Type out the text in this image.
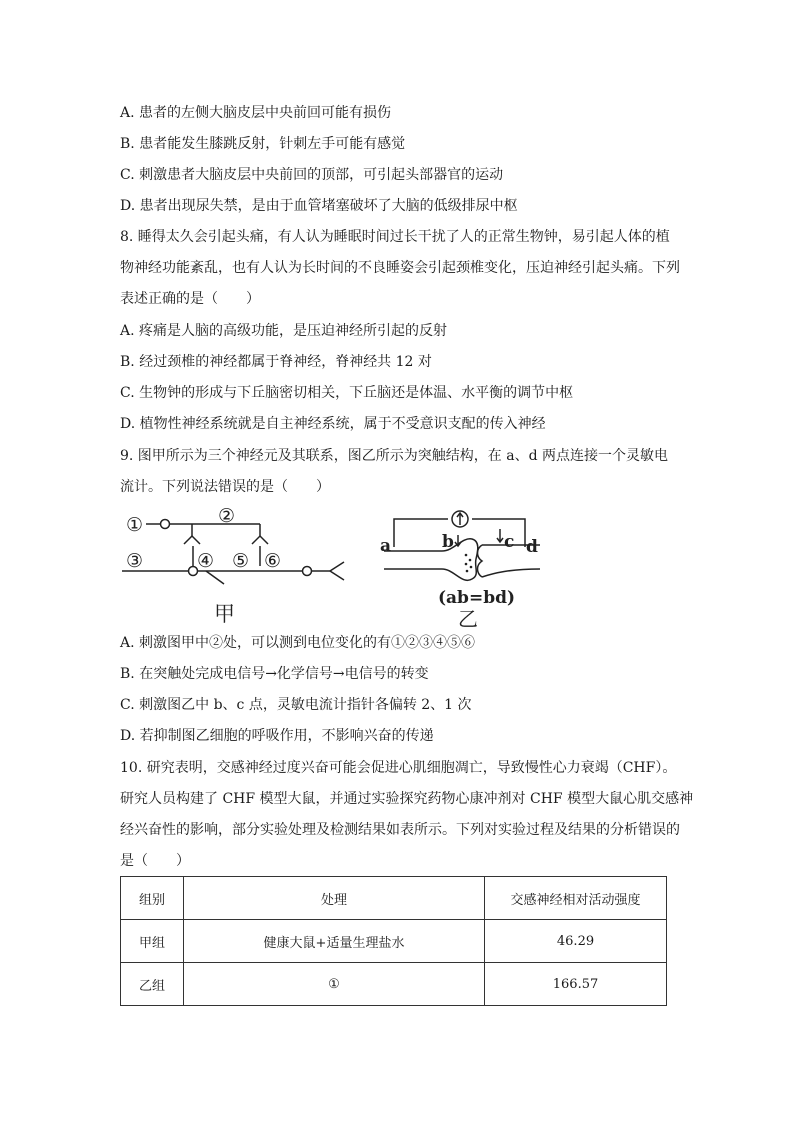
A. 患者的左侧大脑皮层中央前回可能有损伤
B. 患者能发生膝跳反射，针刺左手可能有感觉
C. 刺激患者大脑皮层中央前回的顶部，可引起头部器官的运动
D. 患者出现尿失禁，是由于血管堵塞破坏了大脑的低级排尿中枢
8. 睡得太久会引起头痛，有人认为睡眠时间过长干扰了人的正常生物钟，易引起人体的植
物神经功能紊乱，也有人认为长时间的不良睡姿会引起颈椎变化，压迫神经引起头痛。下列
表述正确的是（　　）
A. 疼痛是人脑的高级功能，是压迫神经所引起的反射
B. 经过颈椎的神经都属于脊神经，脊神经共 12 对
C. 生物钟的形成与下丘脑密切相关，下丘脑还是体温、水平衡的调节中枢
D. 植物性神经系统就是自主神经系统，属于不受意识支配的传入神经
9. 图甲所示为三个神经元及其联系，图乙所示为突触结构，在 a、d 两点连接一个灵敏电
流计。下列说法错误的是（　　）
①	②
③	④ ⑤ ⑥
甲
a	b	c d
(ab=bd)
乙
A. 刺激图甲中②处，可以测到电位变化的有①②③④⑤⑥
B. 在突触处完成电信号→化学信号→电信号的转变
C. 刺激图乙中 b、c 点，灵敏电流计指针各偏转 2、1 次
D. 若抑制图乙细胞的呼吸作用，不影响兴奋的传递
10. 研究表明，交感神经过度兴奋可能会促进心肌细胞凋亡，导致慢性心力衰竭（CHF）。
研究人员构建了 CHF 模型大鼠，并通过实验探究药物心康冲剂对 CHF 模型大鼠心肌交感神
经兴奋性的影响，部分实验处理及检测结果如表所示。下列对实验过程及结果的分析错误的
是（　　）
组别	处理	交感神经相对活动强度
甲组	健康大鼠+适量生理盐水	46.29
乙组	①	166.57
